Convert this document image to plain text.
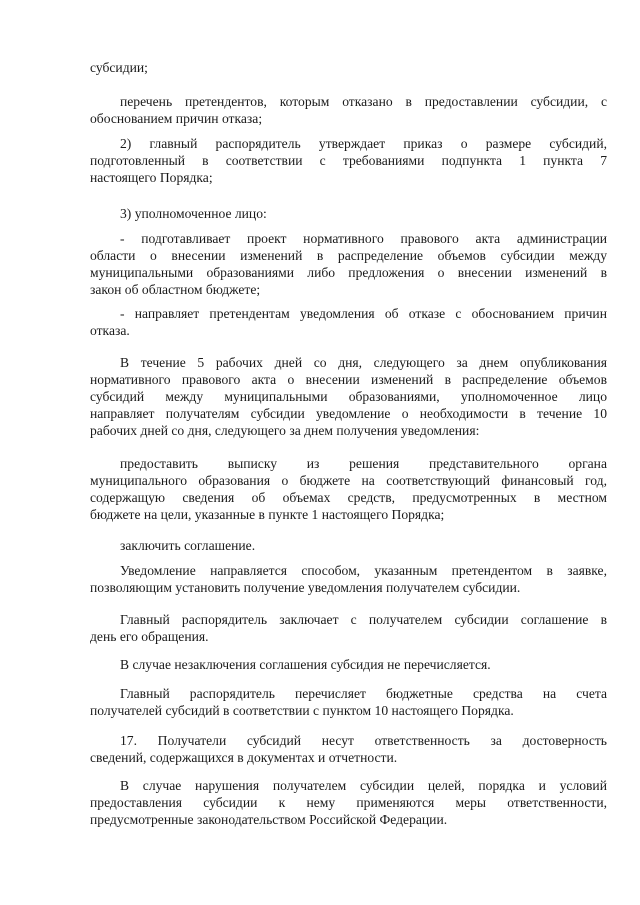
субсидии;

перечень претендентов, которым отказано в предоставлении субсидии, с
обоснованием причин отказа;

2) главный распорядитель утверждает приказ о размере субсидий,
подготовленный в соответствии с требованиями подпункта 1 пункта 7
настоящего Порядка;

3) уполномоченное лицо:

- подготавливает проект нормативного правового акта администрации
области о внесении изменений в распределение объемов субсидии между
муниципальными образованиями либо предложения о внесении изменений в
закон об областном бюджете;

- направляет претендентам уведомления об отказе с обоснованием причин
отказа.

В течение 5 рабочих дней со дня, следующего за днем опубликования
нормативного правового акта о внесении изменений в распределение объемов
субсидий между муниципальными образованиями, уполномоченное лицо
направляет получателям субсидии уведомление о необходимости в течение 10
рабочих дней со дня, следующего за днем получения уведомления:

предоставить выписку из решения представительного органа
муниципального образования о бюджете на соответствующий финансовый год,
содержащую сведения об объемах средств, предусмотренных в местном
бюджете на цели, указанные в пункте 1 настоящего Порядка;

заключить соглашение.

Уведомление направляется способом, указанным претендентом в заявке,
позволяющим установить получение уведомления получателем субсидии.

Главный распорядитель заключает с получателем субсидии соглашение в
день его обращения.

В случае незаключения соглашения субсидия не перечисляется.

Главный распорядитель перечисляет бюджетные средства на счета
получателей субсидий в соответствии с пунктом 10 настоящего Порядка.

17. Получатели субсидий несут ответственность за достоверность
сведений, содержащихся в документах и отчетности.

В случае нарушения получателем субсидии целей, порядка и условий
предоставления субсидии к нему применяются меры ответственности,
предусмотренные законодательством Российской Федерации.
